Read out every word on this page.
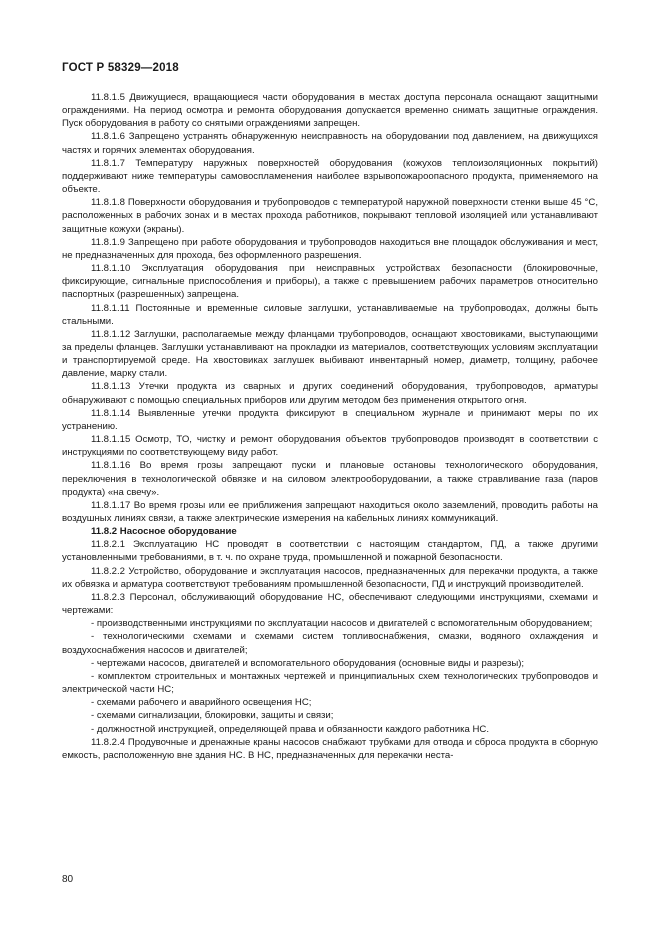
ГОСТ Р 58329—2018

11.8.1.5 Движущиеся, вращающиеся части оборудования в местах доступа персонала оснащают защитными ограждениями. На период осмотра и ремонта оборудования допускается временно снимать защитные ограждения. Пуск оборудования в работу со снятыми ограждениями запрещен.

11.8.1.6 Запрещено устранять обнаруженную неисправность на оборудовании под давлением, на движущихся частях и горячих элементах оборудования.

11.8.1.7 Температуру наружных поверхностей оборудования (кожухов теплоизоляционных покрытий) поддерживают ниже температуры самовоспламенения наиболее взрывопожароопасного продукта, применяемого на объекте.

11.8.1.8 Поверхности оборудования и трубопроводов с температурой наружной поверхности стенки выше 45 °С, расположенных в рабочих зонах и в местах прохода работников, покрывают тепловой изоляцией или устанавливают защитные кожухи (экраны).

11.8.1.9 Запрещено при работе оборудования и трубопроводов находиться вне площадок обслуживания и мест, не предназначенных для прохода, без оформленного разрешения.

11.8.1.10 Эксплуатация оборудования при неисправных устройствах безопасности (блокировочные, фиксирующие, сигнальные приспособления и приборы), а также с превышением рабочих параметров относительно паспортных (разрешенных) запрещена.

11.8.1.11 Постоянные и временные силовые заглушки, устанавливаемые на трубопроводах, должны быть стальными.

11.8.1.12 Заглушки, располагаемые между фланцами трубопроводов, оснащают хвостовиками, выступающими за пределы фланцев. Заглушки устанавливают на прокладки из материалов, соответствующих условиям эксплуатации и транспортируемой среде. На хвостовиках заглушек выбивают инвентарный номер, диаметр, толщину, рабочее давление, марку стали.

11.8.1.13 Утечки продукта из сварных и других соединений оборудования, трубопроводов, арматуры обнаруживают с помощью специальных приборов или другим методом без применения открытого огня.

11.8.1.14 Выявленные утечки продукта фиксируют в специальном журнале и принимают меры по их устранению.

11.8.1.15 Осмотр, ТО, чистку и ремонт оборудования объектов трубопроводов производят в соответствии с инструкциями по соответствующему виду работ.

11.8.1.16 Во время грозы запрещают пуски и плановые остановы технологического оборудования, переключения в технологической обвязке и на силовом электрооборудовании, а также стравливание газа (паров продукта) «на свечу».

11.8.1.17 Во время грозы или ее приближения запрещают находиться около заземлений, проводить работы на воздушных линиях связи, а также электрические измерения на кабельных линиях коммуникаций.

11.8.2 Насосное оборудование

11.8.2.1 Эксплуатацию НС проводят в соответствии с настоящим стандартом, ПД, а также другими установленными требованиями, в т. ч. по охране труда, промышленной и пожарной безопасности.

11.8.2.2 Устройство, оборудование и эксплуатация насосов, предназначенных для перекачки продукта, а также их обвязка и арматура соответствуют требованиям промышленной безопасности, ПД и инструкций производителей.

11.8.2.3 Персонал, обслуживающий оборудование НС, обеспечивают следующими инструкциями, схемами и чертежами:

- производственными инструкциями по эксплуатации насосов и двигателей с вспомогательным оборудованием;

- технологическими схемами и схемами систем топливоснабжения, смазки, водяного охлаждения и воздухоснабжения насосов и двигателей;

- чертежами насосов, двигателей и вспомогательного оборудования (основные виды и разрезы);

- комплектом строительных и монтажных чертежей и принципиальных схем технологических трубопроводов и электрической части НС;

- схемами рабочего и аварийного освещения НС;

- схемами сигнализации, блокировки, защиты и связи;

- должностной инструкцией, определяющей права и обязанности каждого работника НС.

11.8.2.4 Продувочные и дренажные краны насосов снабжают трубками для отвода и сброса продукта в сборную емкость, расположенную вне здания НС. В НС, предназначенных для перекачки неста-

80
